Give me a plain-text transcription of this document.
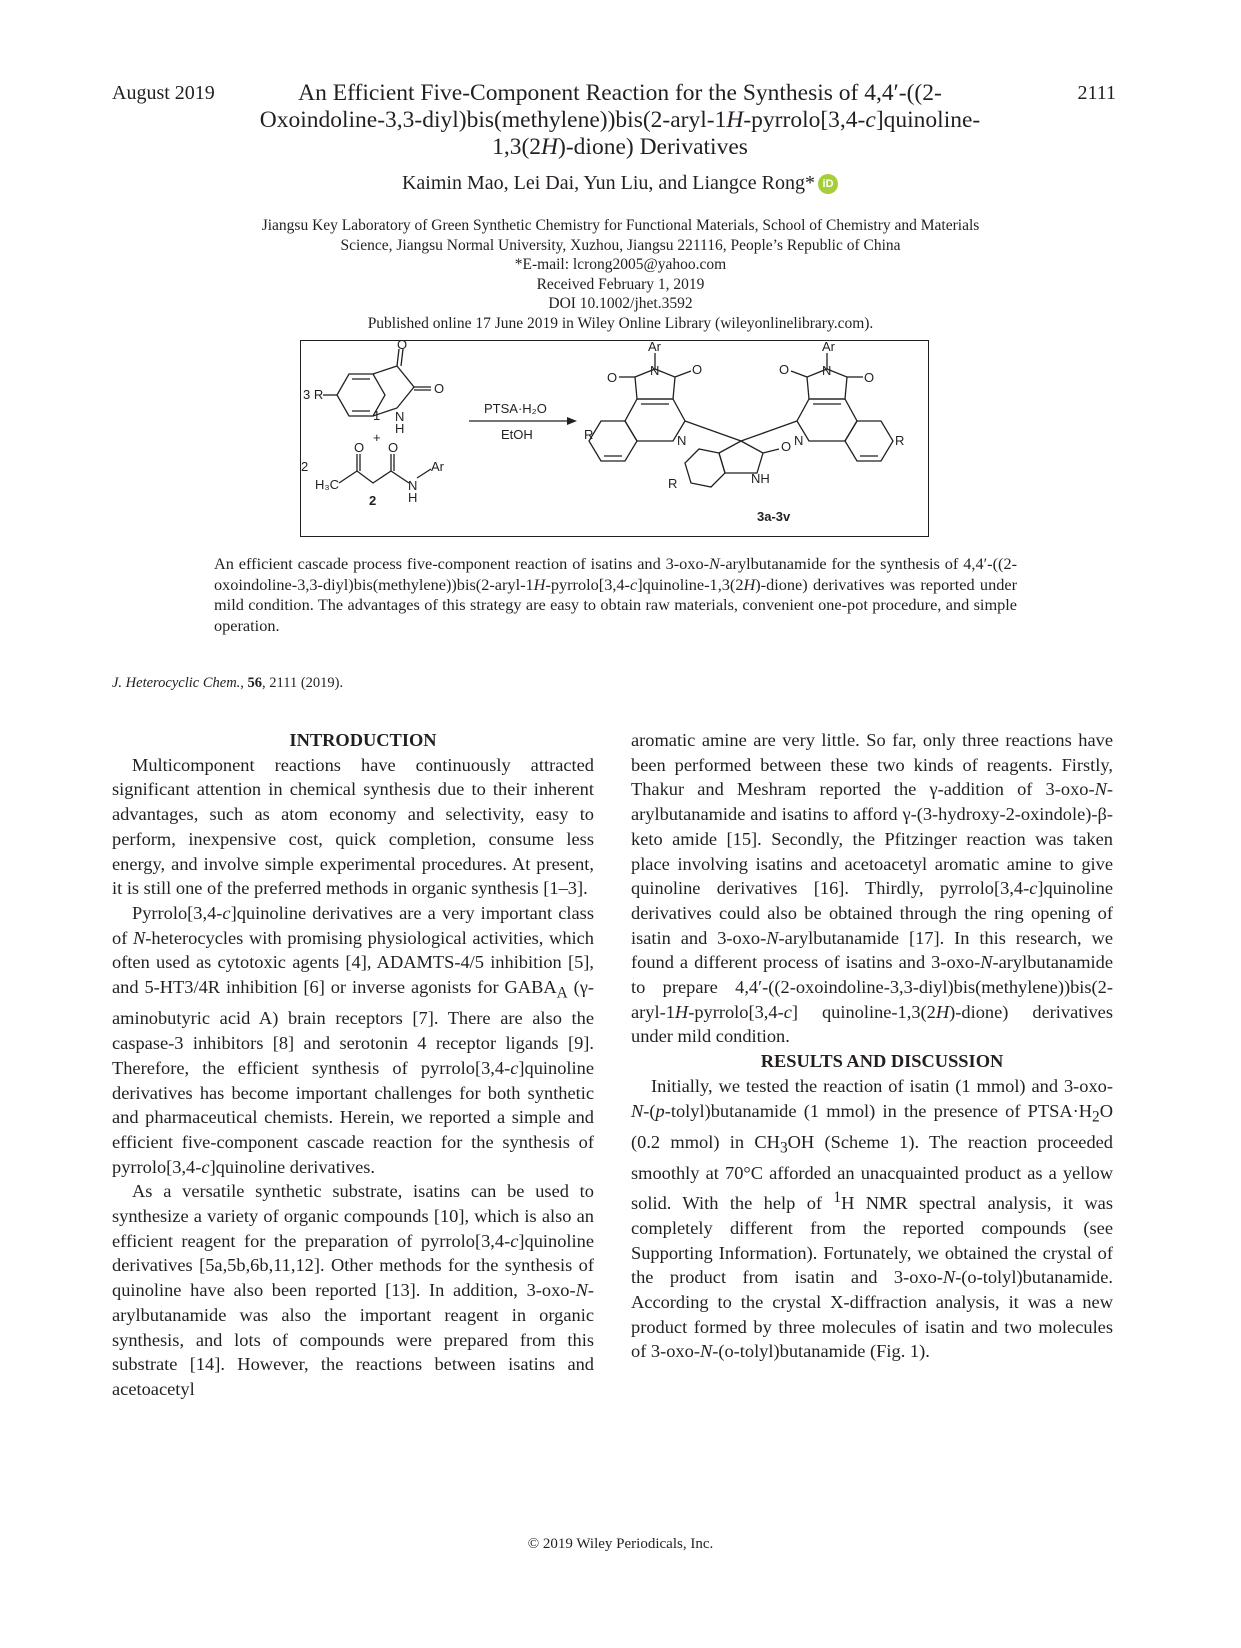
August 2019	2111
An Efficient Five-Component Reaction for the Synthesis of 4,4′-((2-Oxoindoline-3,3-diyl)bis(methylene))bis(2-aryl-1H-pyrrolo[3,4-c]quinoline-1,3(2H)-dione) Derivatives
Kaimin Mao, Lei Dai, Yun Liu, and Liangce Rong* iD
Jiangsu Key Laboratory of Green Synthetic Chemistry for Functional Materials, School of Chemistry and Materials
Science, Jiangsu Normal University, Xuzhou, Jiangsu 221116, People’s Republic of China
*E-mail: lcrong2005@yahoo.com
Received February 1, 2019
DOI 10.1002/jhet.3592
Published online 17 June 2019 in Wiley Online Library (wileyonlinelibrary.com).
O
O
3 R
1 N
H
+
O O
2
H₃C	N
H
Ar
2
PTSA·H₂O
EtOH
Ar
N
O
O
N
R
O
NH
R
N
Ar
N
O
O
R
3a-3v
An efficient cascade process five-component reaction of isatins and 3-oxo-N-arylbutanamide for the synthesis of 4,4′-((2-oxoindoline-3,3-diyl)bis(methylene))bis(2-aryl-1H-pyrrolo[3,4-c]quinoline-1,3(2H)-dione) derivatives was reported under mild condition. The advantages of this strategy are easy to obtain raw materials, convenient one-pot procedure, and simple operation.
J. Heterocyclic Chem., 56, 2111 (2019).

INTRODUCTION

Multicomponent reactions have continuously attracted significant attention in chemical synthesis due to their inherent advantages, such as atom economy and selectivity, easy to perform, inexpensive cost, quick completion, consume less energy, and involve simple experimental procedures. At present, it is still one of the preferred methods in organic synthesis [1–3].

Pyrrolo[3,4-c]quinoline derivatives are a very important class of N-heterocycles with promising physiological activities, which often used as cytotoxic agents [4], ADAMTS-4/5 inhibition [5], and 5-HT3/4R inhibition [6] or inverse agonists for $GABA_A$ (γ-aminobutyric acid A) brain receptors [7]. There are also the caspase-3 inhibitors [8] and serotonin 4 receptor ligands [9]. Therefore, the efficient synthesis of pyrrolo[3,4-c]quinoline derivatives has become important challenges for both synthetic and pharmaceutical chemists. Herein, we reported a simple and efficient five-component cascade reaction for the synthesis of pyrrolo[3,4-c]quinoline derivatives.

As a versatile synthetic substrate, isatins can be used to synthesize a variety of organic compounds [10], which is also an efficient reagent for the preparation of pyrrolo[3,4-c]quinoline derivatives [5a,5b,6b,11,12]. Other methods for the synthesis of quinoline have also been reported [13]. In addition, 3-oxo-N-arylbutanamide was also the important reagent in organic synthesis, and lots of compounds were prepared from this substrate [14]. However, the reactions between isatins and acetoacetyl

aromatic amine are very little. So far, only three reactions have been performed between these two kinds of reagents. Firstly, Thakur and Meshram reported the γ-addition of 3-oxo-N-arylbutanamide and isatins to afford γ-(3-hydroxy-2-oxindole)-β-keto amide [15]. Secondly, the Pfitzinger reaction was taken place involving isatins and acetoacetyl aromatic amine to give quinoline derivatives [16]. Thirdly, pyrrolo[3,4-c]quinoline derivatives could also be obtained through the ring opening of isatin and 3-oxo-N-arylbutanamide [17]. In this research, we found a different process of isatins and 3-oxo-N-arylbutanamide to prepare 4,4′-((2-oxoindoline-3,3-diyl)bis(methylene))bis(2-aryl-1H-pyrrolo[3,4-c] quinoline-1,3(2H)-dione) derivatives under mild condition.

RESULTS AND DISCUSSION

Initially, we tested the reaction of isatin (1 mmol) and 3-oxo-N-(p-tolyl)butanamide (1 mmol) in the presence of $PTSA\cdot H_2O$ (0.2 mmol) in $CH_3OH$ (Scheme 1). The reaction proceeded smoothly at 70°C afforded an unacquainted product as a yellow solid. With the help of $^1$H NMR spectral analysis, it was completely different from the reported compounds (see Supporting Information). Fortunately, we obtained the crystal of the product from isatin and 3-oxo-N-(o-tolyl)butanamide. According to the crystal X-diffraction analysis, it was a new product formed by three molecules of isatin and two molecules of 3-oxo-N-(o-tolyl)butanamide (Fig. 1).

© 2019 Wiley Periodicals, Inc.
